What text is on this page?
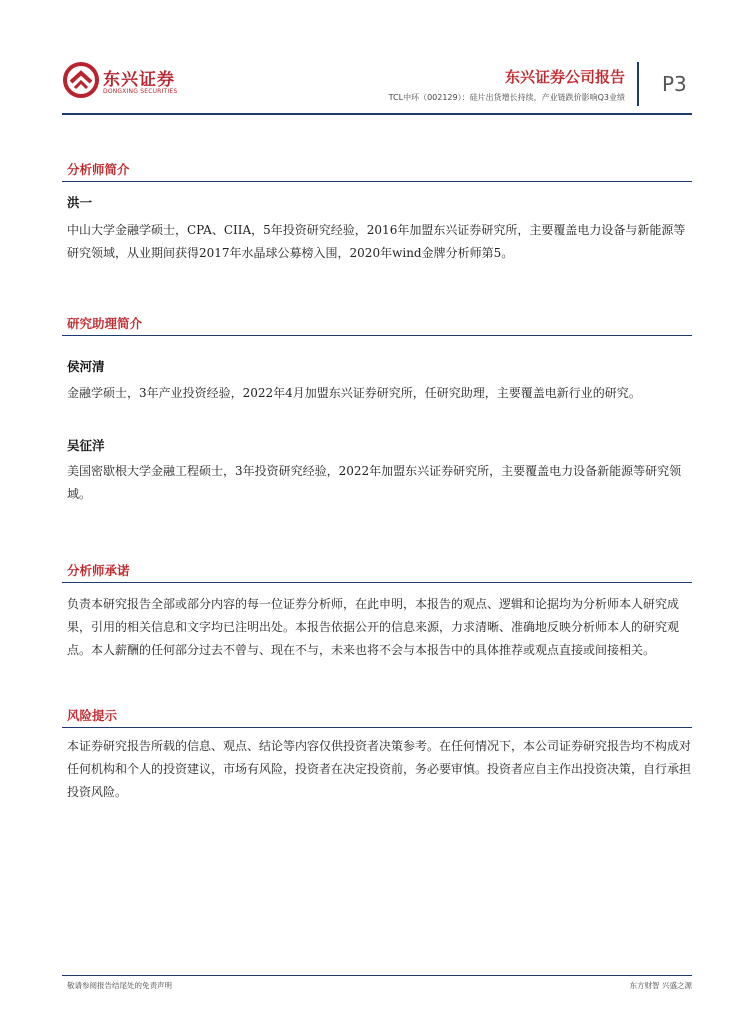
东兴证券
DONGXING SECURITIES
东兴证券公司报告
TCL中环（002129）：硅片出货增长持续，产业链跌价影响Q3业绩
P3
分析师简介
洪一

中山大学金融学硕士，CPA、CIIA，5年投资研究经验，2016年加盟东兴证券研究所，主要覆盖电力设备与新能源等研究领域，从业期间获得2017年水晶球公募榜入围，2020年wind金牌分析师第5。

研究助理简介
侯河清

金融学硕士，3年产业投资经验，2022年4月加盟东兴证券研究所，任研究助理，主要覆盖电新行业的研究。

吴征洋

美国密歇根大学金融工程硕士，3年投资研究经验，2022年加盟东兴证券研究所，主要覆盖电力设备新能源等研究领域。

分析师承诺

负责本研究报告全部或部分内容的每一位证券分析师，在此申明，本报告的观点、逻辑和论据均为分析师本人研究成果，引用的相关信息和文字均已注明出处。本报告依据公开的信息来源，力求清晰、准确地反映分析师本人的研究观点。本人薪酬的任何部分过去不曾与、现在不与，未来也将不会与本报告中的具体推荐或观点直接或间接相关。

风险提示

本证券研究报告所载的信息、观点、结论等内容仅供投资者决策参考。在任何情况下，本公司证券研究报告均不构成对任何机构和个人的投资建议，市场有风险，投资者在决定投资前，务必要审慎。投资者应自主作出投资决策，自行承担投资风险。

敬请参阅报告结尾处的免责声明	东方财智 兴盛之源
